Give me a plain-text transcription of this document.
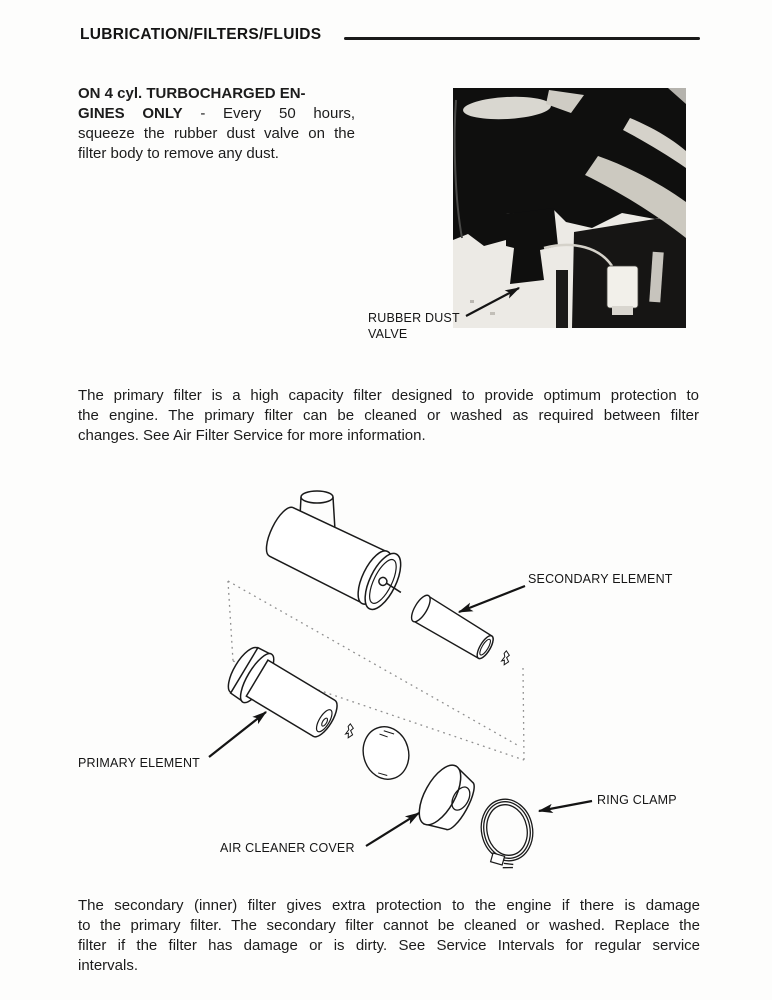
LUBRICATION/FILTERS/FLUIDS
ON 4 cyl. TURBOCHARGED EN-
GINES ONLY - Every 50 hours,
squeeze the rubber dust valve on the
filter body to remove any dust.
RUBBER DUST
VALVE
The primary filter is a high capacity filter designed to provide optimum protection to
the engine. The primary filter can be cleaned or washed as required between filter
changes. See Air Filter Service for more information.
SECONDARY ELEMENT
PRIMARY ELEMENT
AIR CLEANER COVER
RING CLAMP
The secondary (inner) filter gives extra protection to the engine if there is damage
to the primary filter. The secondary filter cannot be cleaned or washed. Replace the
filter if the filter has damage or is dirty. See Service Intervals for regular service
intervals.
